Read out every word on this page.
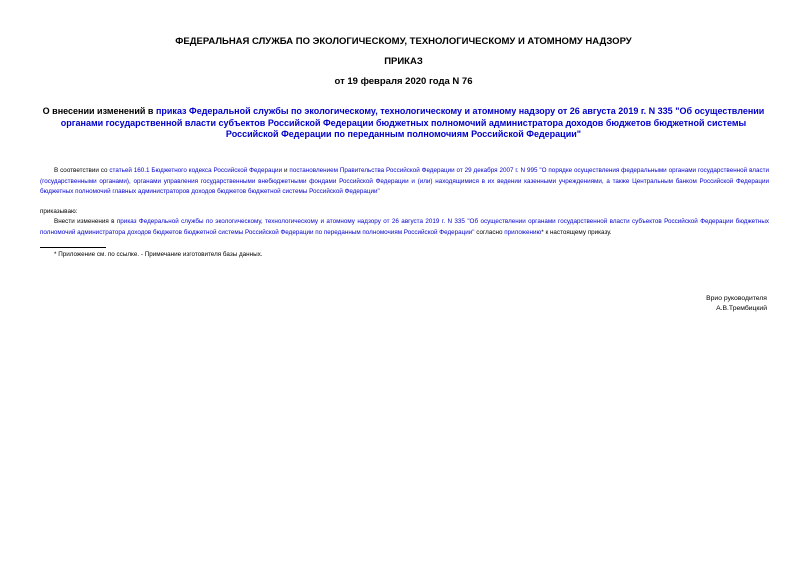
ФЕДЕРАЛЬНАЯ СЛУЖБА ПО ЭКОЛОГИЧЕСКОМУ, ТЕХНОЛОГИЧЕСКОМУ И АТОМНОМУ НАДЗОРУ
ПРИКАЗ
от 19 февраля 2020 года N 76
О внесении изменений в приказ Федеральной службы по экологическому, технологическому и атомному надзору от 26 августа 2019 г. N 335 "Об осуществлении органами государственной власти субъектов Российской Федерации бюджетных полномочий администратора доходов бюджетов бюджетной системы Российской Федерации по переданным полномочиям Российской Федерации"
В соответствии со статьей 160.1 Бюджетного кодекса Российской Федерации и постановлением Правительства Российской Федерации от 29 декабря 2007 г. N 995 "О порядке осуществления федеральными органами государственной власти (государственными органами), органами управления государственными внебюджетными фондами Российской Федерации и (или) находящимися в их ведении казенными учреждениями, а также Центральным банком Российской Федерации бюджетных полномочий главных администраторов доходов бюджетов бюджетной системы Российской Федерации"
приказываю:
Внести изменения в приказ Федеральной службы по экологическому, технологическому и атомному надзору от 26 августа 2019 г. N 335 "Об осуществлении органами государственной власти субъектов Российской Федерации бюджетных полномочий администратора доходов бюджетов бюджетной системы Российской Федерации по переданным полномочиям Российской Федерации" согласно приложению* к настоящему приказу.
* Приложение см. по ссылке. - Примечание изготовителя базы данных.
Врио руководителя
А.В.Трембицкий
